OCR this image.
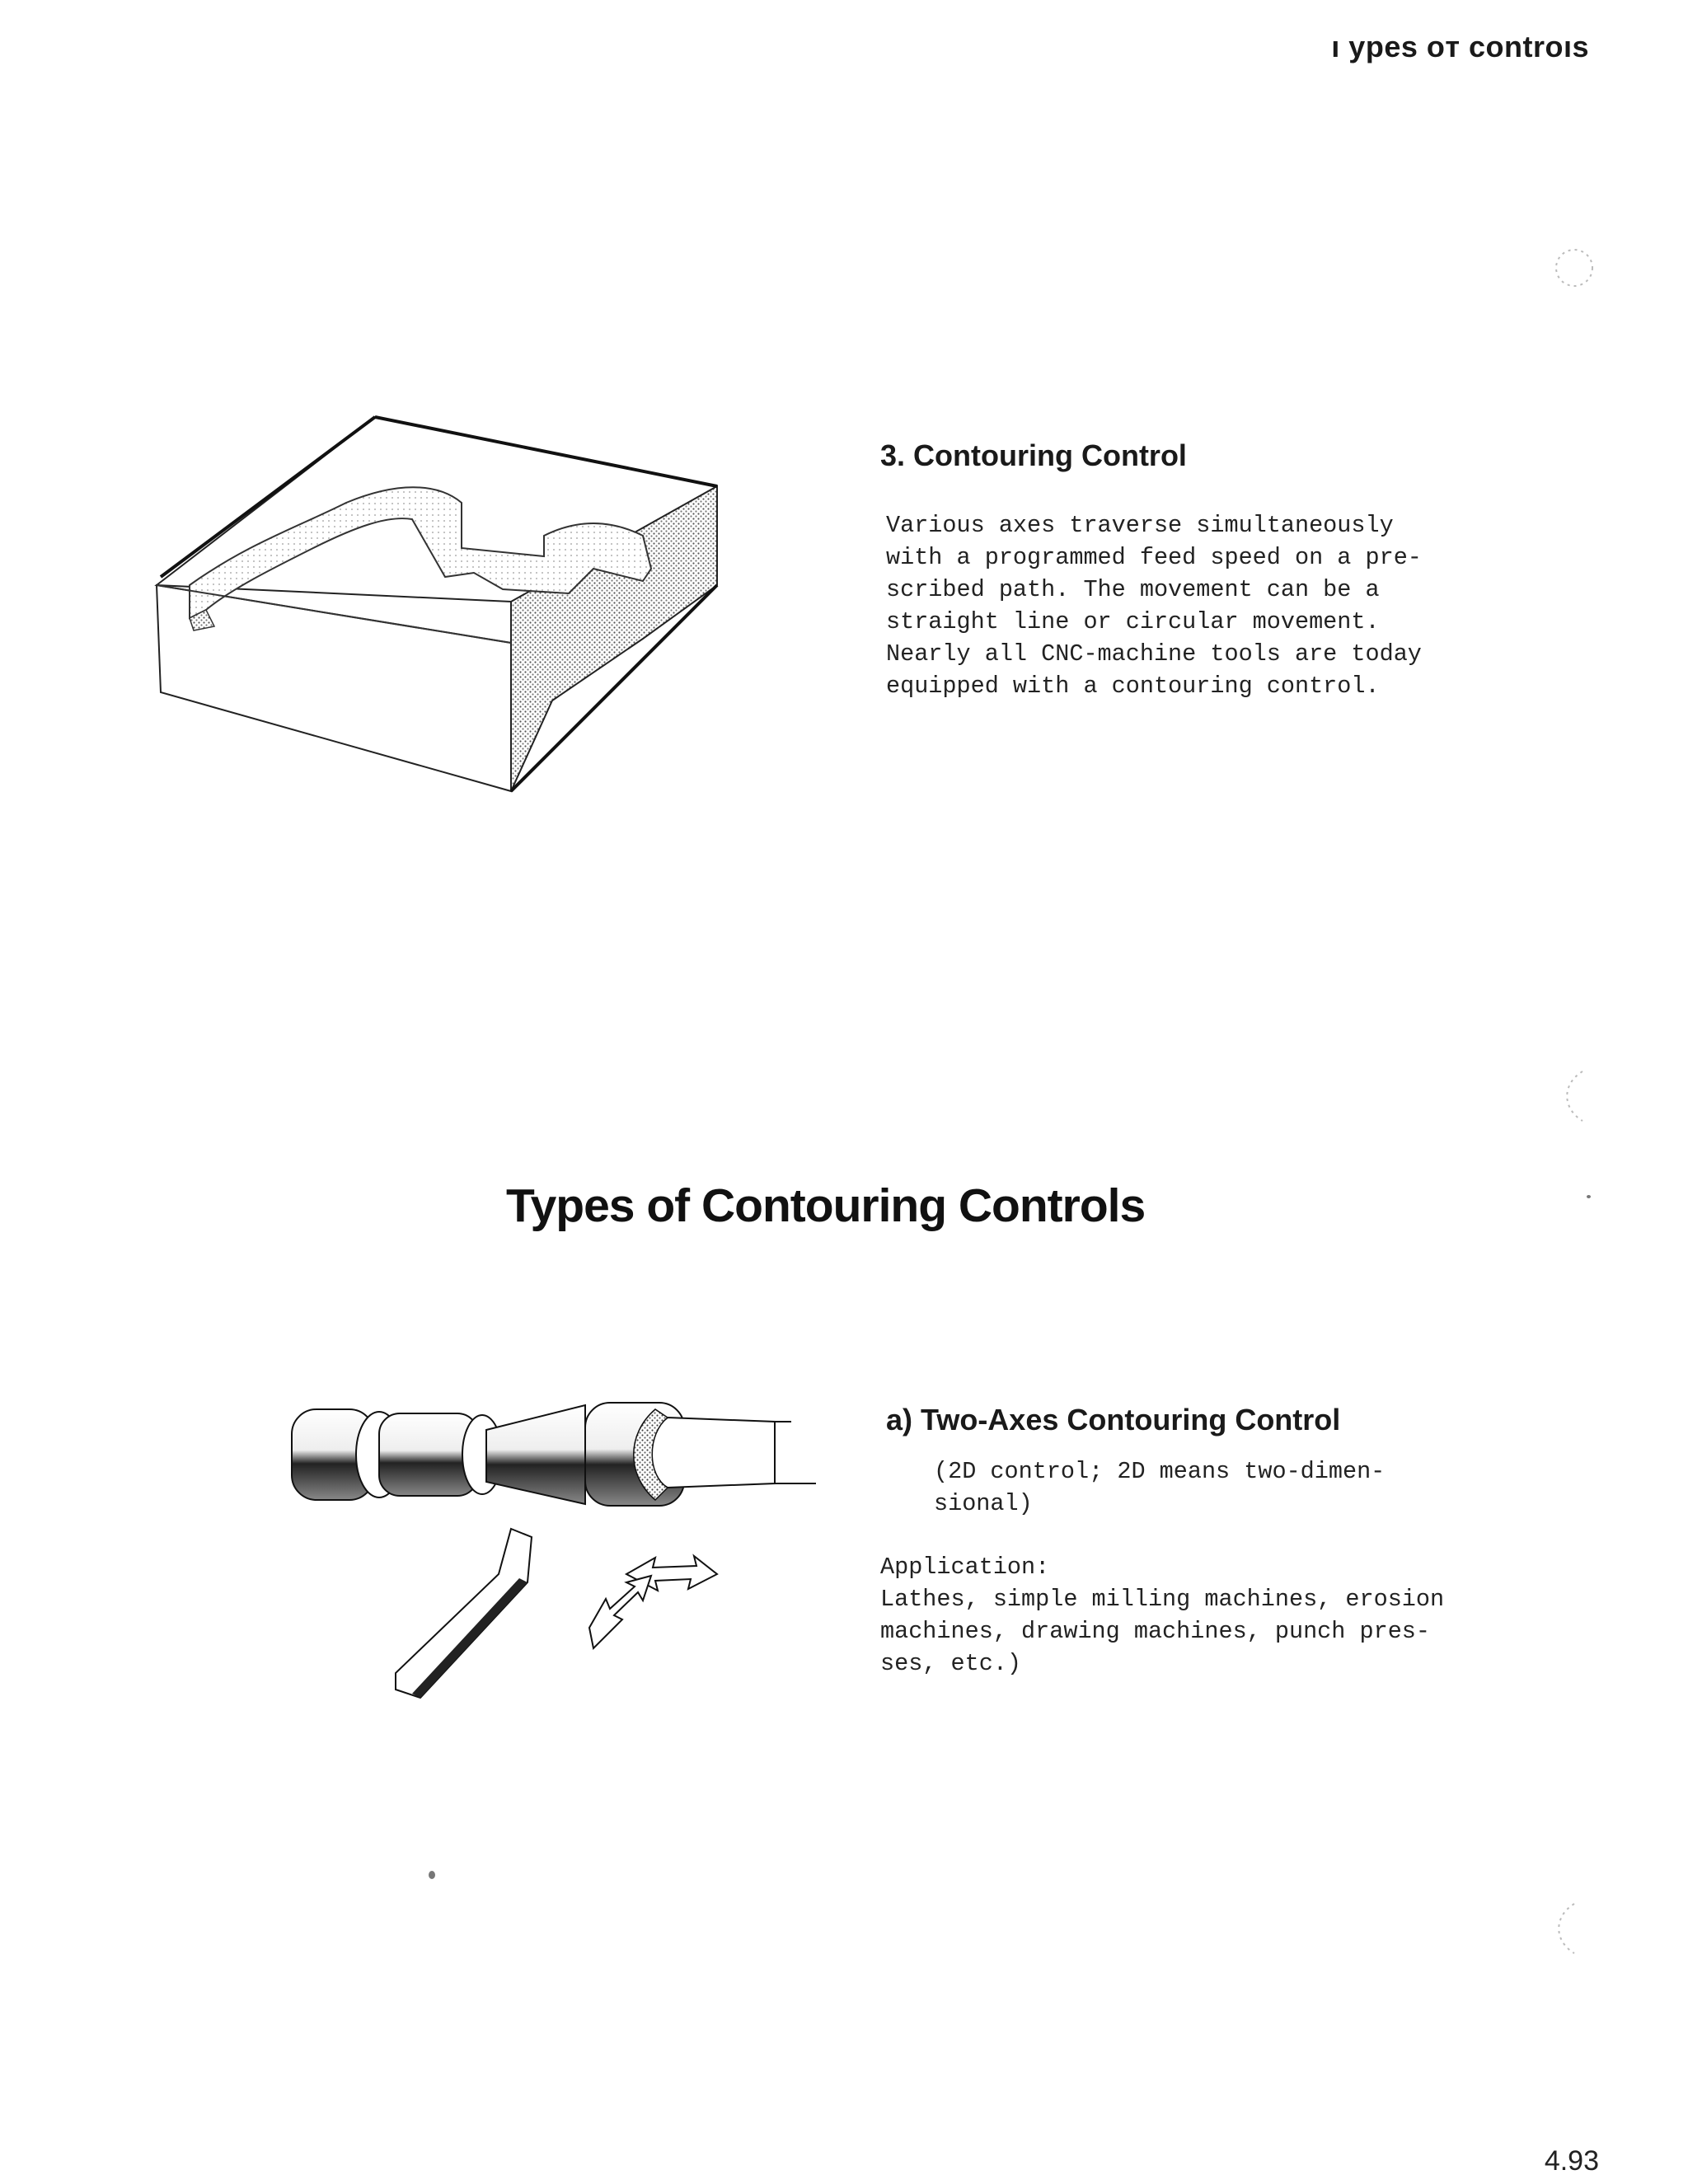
ı ypes oт controıs
3. Contouring Control
Various axes traverse simultaneously
with a programmed feed speed on a pre-
scribed path. The movement can be a
straight line or circular movement.
Nearly all CNC-machine tools are today
equipped with a contouring control.
Types of Contouring Controls
a) Two-Axes Contouring Control
(2D control; 2D means two-dimen-
sional)
Application:
Lathes, simple milling machines, erosion
machines, drawing machines, punch pres-
ses, etc.)
4.93
